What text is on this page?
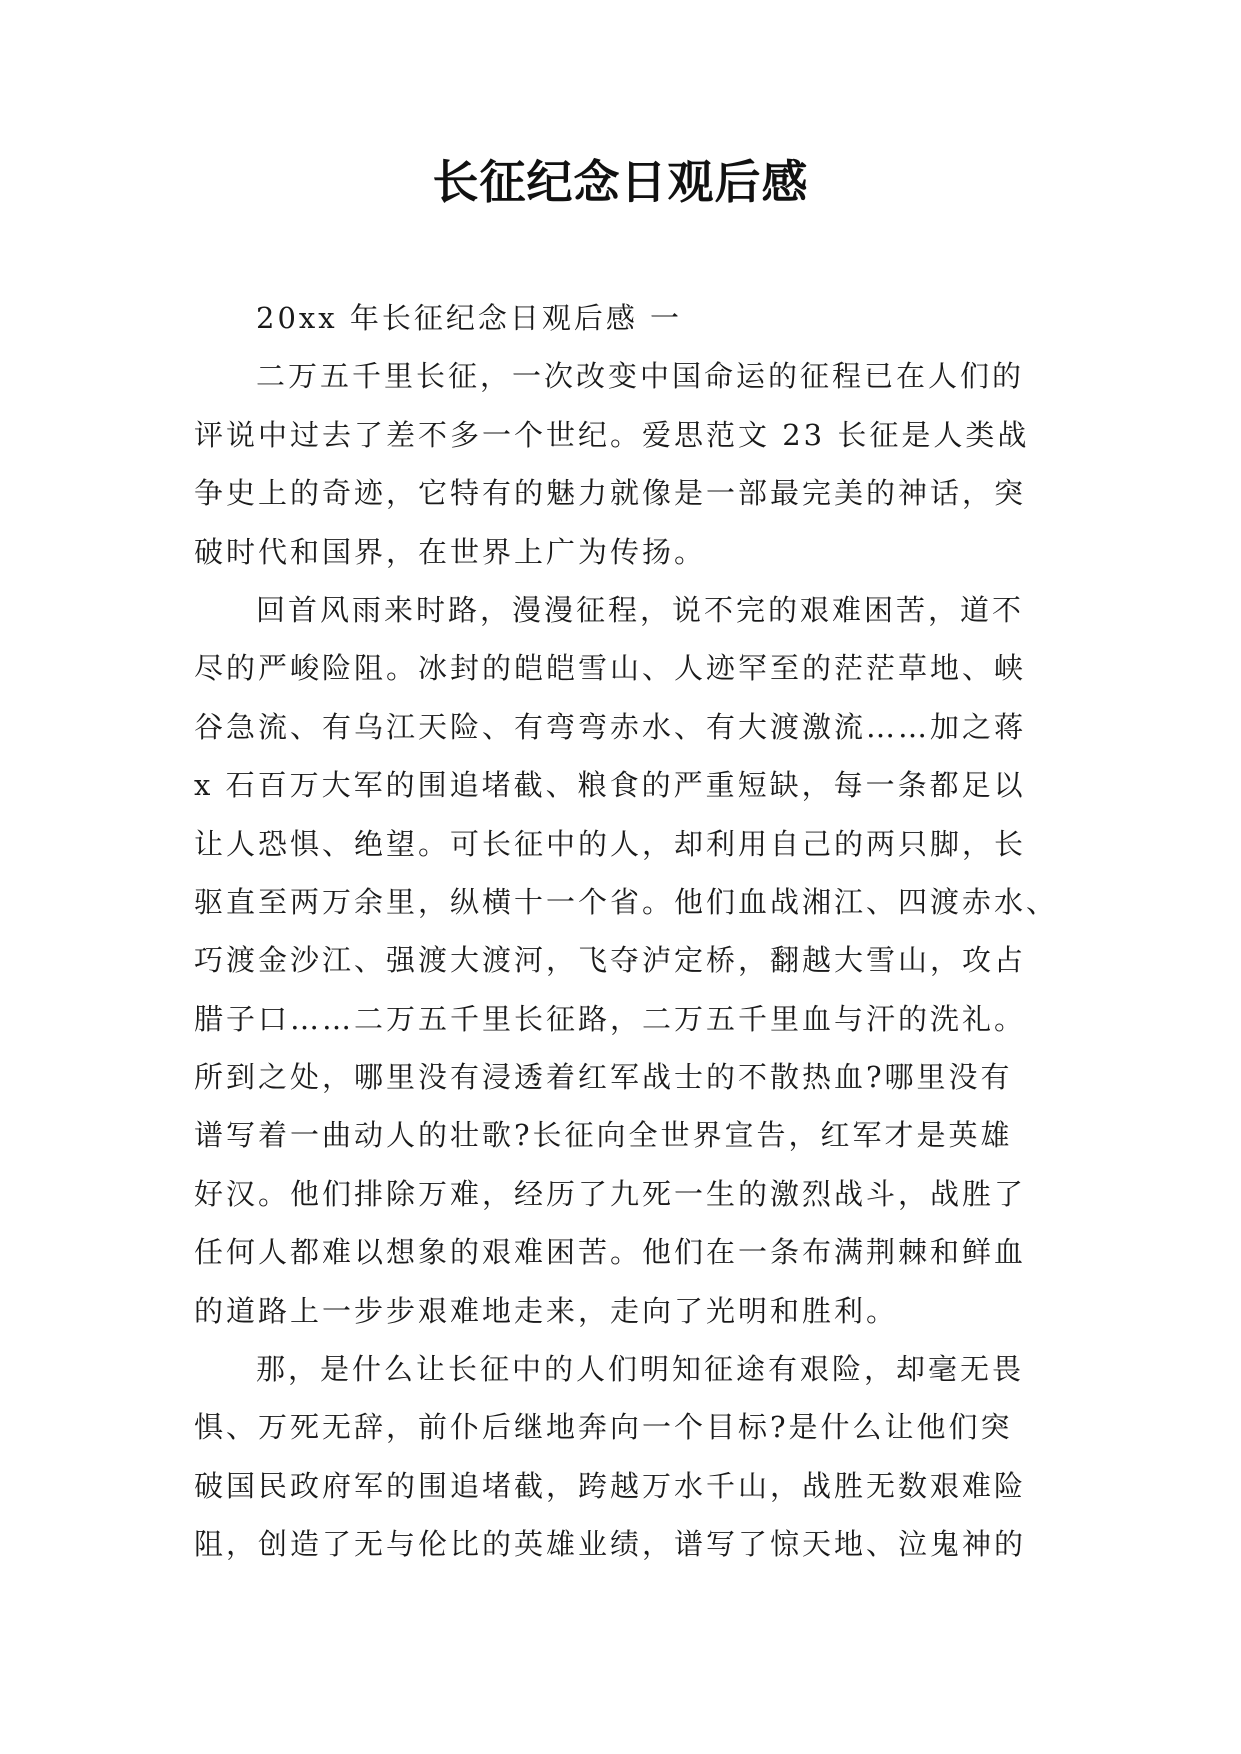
长征纪念日观后感
20xx 年长征纪念日观后感 一
二万五千里长征，一次改变中国命运的征程已在人们的
评说中过去了差不多一个世纪。爱思范文 23 长征是人类战
争史上的奇迹，它特有的魅力就像是一部最完美的神话，突
破时代和国界，在世界上广为传扬。
回首风雨来时路，漫漫征程，说不完的艰难困苦，道不
尽的严峻险阻。冰封的皑皑雪山、人迹罕至的茫茫草地、峡
谷急流、有乌江天险、有弯弯赤水、有大渡激流……加之蒋
x 石百万大军的围追堵截、粮食的严重短缺，每一条都足以
让人恐惧、绝望。可长征中的人，却利用自己的两只脚，长
驱直至两万余里，纵横十一个省。他们血战湘江、四渡赤水、
巧渡金沙江、强渡大渡河，飞夺泸定桥，翻越大雪山，攻占
腊子口……二万五千里长征路，二万五千里血与汗的洗礼。
所到之处，哪里没有浸透着红军战士的不散热血?哪里没有
谱写着一曲动人的壮歌?长征向全世界宣告，红军才是英雄
好汉。他们排除万难，经历了九死一生的激烈战斗，战胜了
任何人都难以想象的艰难困苦。他们在一条布满荆棘和鲜血
的道路上一步步艰难地走来，走向了光明和胜利。
那，是什么让长征中的人们明知征途有艰险，却毫无畏
惧、万死无辞，前仆后继地奔向一个目标?是什么让他们突
破国民政府军的围追堵截，跨越万水千山，战胜无数艰难险
阻，创造了无与伦比的英雄业绩，谱写了惊天地、泣鬼神的
